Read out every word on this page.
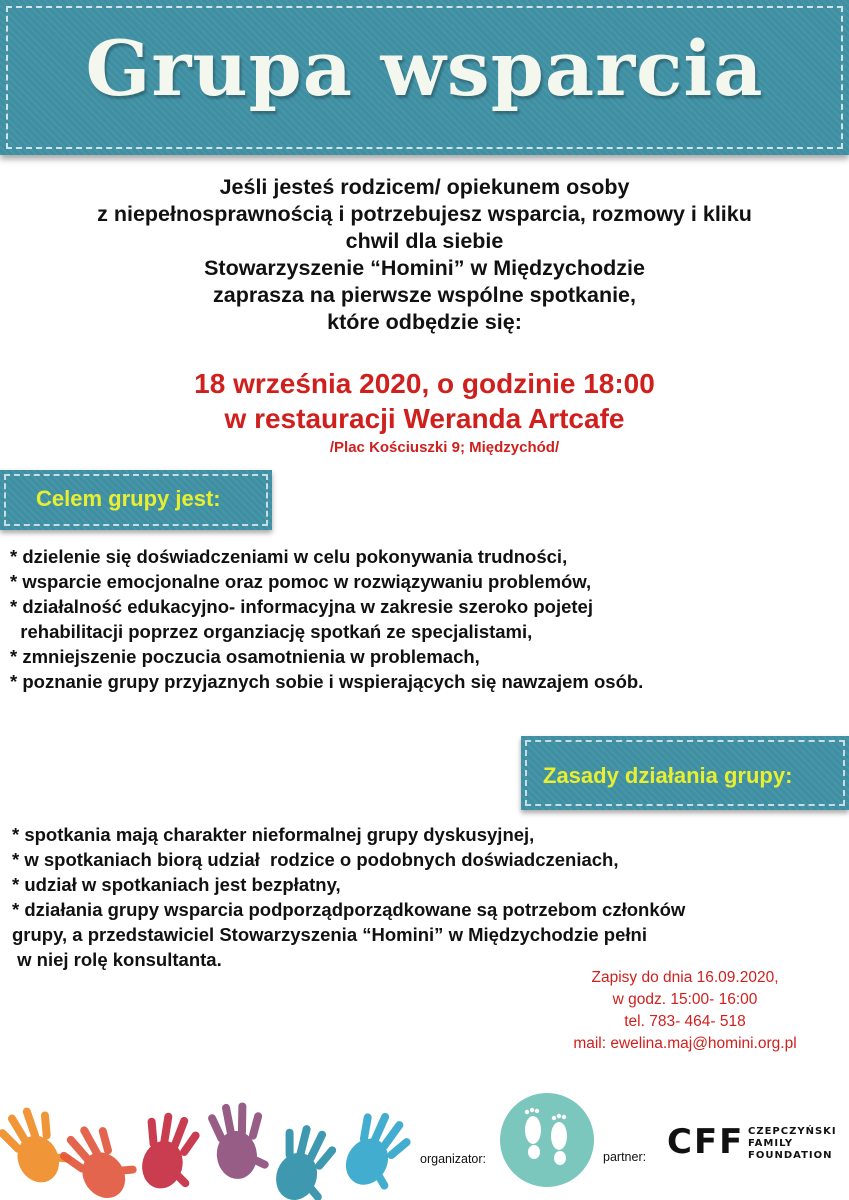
Grupa wsparcia
Jeśli jesteś rodzicem/ opiekunem osoby
z niepełnosprawnością i potrzebujesz wsparcia, rozmowy i kliku
chwil dla siebie
Stowarzyszenie “Homini” w Międzychodzie
zaprasza na pierwsze wspólne spotkanie,
które odbędzie się:
18 września 2020, o godzinie 18:00
w restauracji Weranda Artcafe
/Plac Kościuszki 9; Międzychód/
Celem grupy jest:
* dzielenie się doświadczeniami w celu pokonywania trudności,
* wsparcie emocjonalne oraz pomoc w rozwiązywaniu problemów,
* działalność edukacyjno- informacyjna w zakresie szeroko pojetej
rehabilitacji poprzez organziację spotkań ze specjalistami,
* zmniejszenie poczucia osamotnienia w problemach,
* poznanie grupy przyjaznych sobie i wspierających się nawzajem osób.
Zasady działania grupy:
* spotkania mają charakter nieformalnej grupy dyskusyjnej,
* w spotkaniach biorą udział  rodzice o podobnych doświadczeniach,
* udział w spotkaniach jest bezpłatny,
* działania grupy wsparcia podporządporządkowane są potrzebom członków
grupy, a przedstawiciel Stowarzyszenia “Homini” w Międzychodzie pełni
w niej rolę konsultanta.
Zapisy do dnia 16.09.2020,
w godz. 15:00- 16:00
tel. 783- 464- 518
mail: ewelina.maj@homini.org.pl
organizator:	partner: CFF CZEPCZYŃSKI
FAMILY
FOUNDATION
